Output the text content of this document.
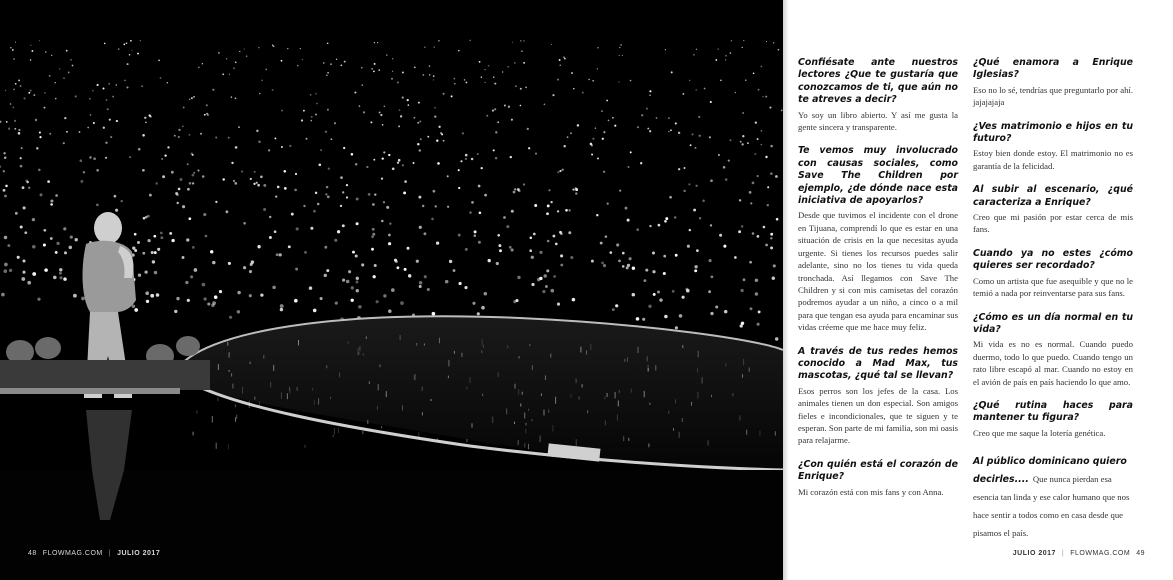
48 FLOWMAG.COM | JULIO 2017

Confiésate ante nuestros lectores ¿Que te gustaría que conozcamos de ti, que aún no te atreves a decir?

Yo soy un libro abierto. Y así me gusta la gente sincera y transparente.

Te vemos muy involucrado con causas sociales, como Save The Children por ejemplo, ¿de dónde nace esta iniciativa de apoyarlos?

Desde que tuvimos el incidente con el drone en Tijuana, comprendí lo que es estar en una situación de crisis en la que necesitas ayuda urgente. Si tienes los recursos puedes salir adelante, sino no los tienes tu vida queda tronchada. Así llegamos con Save The Children y si con mis camisetas del corazón podremos ayudar a un niño, a cinco o a mil para que tengan esa ayuda para encaminar sus vidas créeme que me hace muy feliz.

A través de tus redes hemos conocido a Mad Max, tus mascotas, ¿qué tal se llevan?

Esos perros son los jefes de la casa. Los animales tienen un don especial. Son amigos fieles e incondicionales, que te siguen y te esperan. Son parte de mi familia, son mi oasis para relajarme.

¿Con quién está el corazón de Enrique?

Mi corazón está con mis fans y con Anna.

¿Qué enamora a Enrique Iglesias?

Eso no lo sé, tendrías que preguntarlo por ahí. jajajajaja

¿Ves matrimonio e hijos en tu futuro?

Estoy bien donde estoy. El matrimonio no es garantía de la felicidad.

Al subir al escenario, ¿qué caracteriza a Enrique?

Creo que mi pasión por estar cerca de mis fans.

Cuando ya no estes ¿cómo quieres ser recordado?

Como un artista que fue asequible y que no le temió a nada por reinventarse para sus fans.

¿Cómo es un día normal en tu vida?

Mi vida es no es normal. Cuando puedo duermo, todo lo que puedo. Cuando tengo un rato libre escapó al mar. Cuando no estoy en el avión de país en país haciendo lo que amo.

¿Qué rutina haces para mantener tu figura?

Creo que me saque la lotería genética.

Al público dominicano quiero decirles.... Que nunca pierdan esa esencia tan linda y ese calor humano que nos hace sentir a todos como en casa desde que pisamos el país.
JULIO 2017 | FLOWMAG.COM 49
